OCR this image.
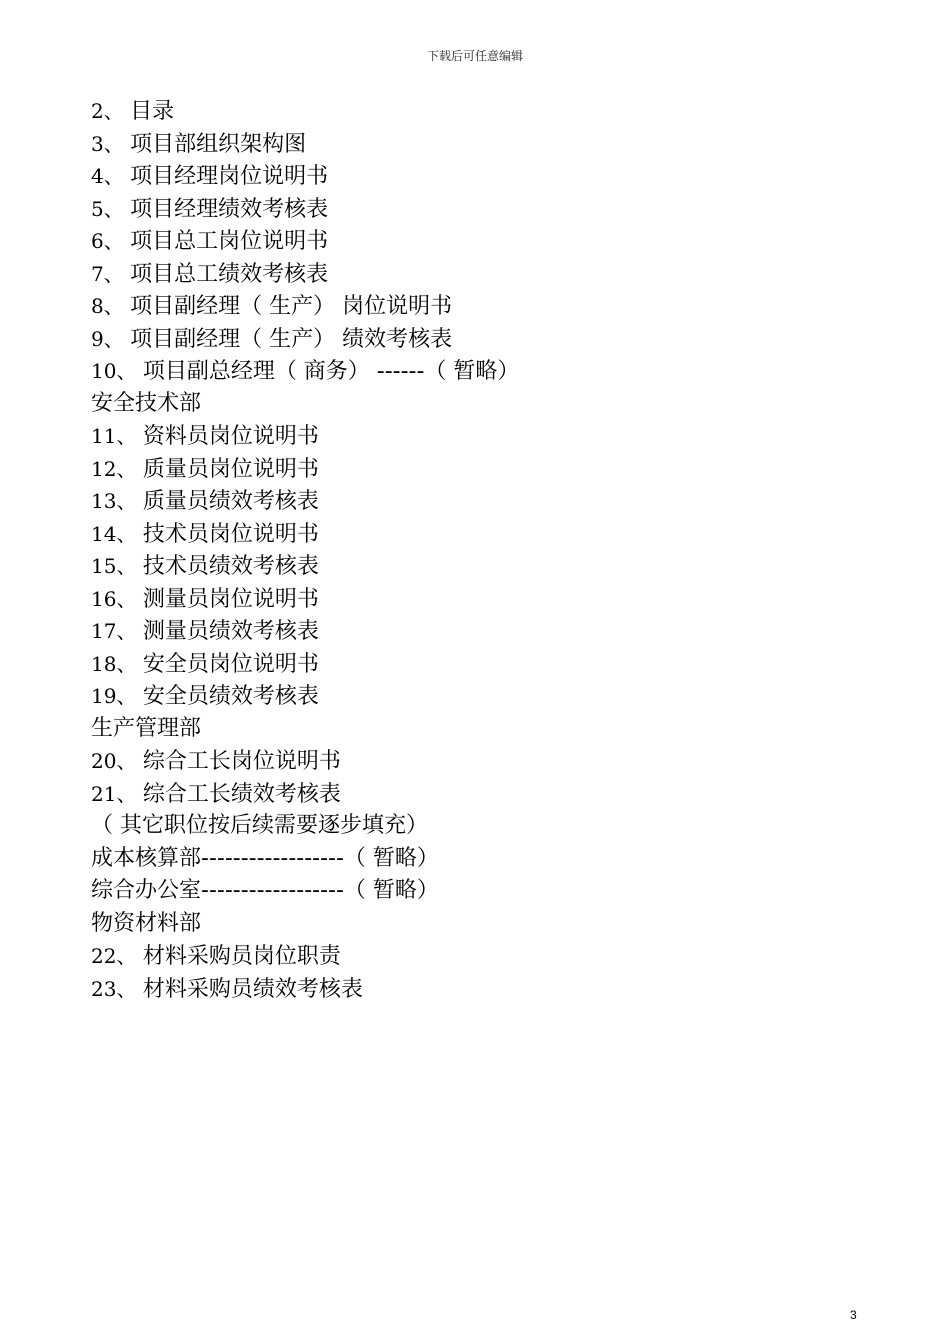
下载后可任意编辑
2、 目录
3、 项目部组织架构图
4、 项目经理岗位说明书
5、 项目经理绩效考核表
6、 项目总工岗位说明书
7、 项目总工绩效考核表
8、 项目副经理（ 生产） 岗位说明书
9、 项目副经理（ 生产） 绩效考核表
10、 项目副总经理（ 商务） ------（ 暂略）
安全技术部
11、 资料员岗位说明书
12、 质量员岗位说明书
13、 质量员绩效考核表
14、 技术员岗位说明书
15、 技术员绩效考核表
16、 测量员岗位说明书
17、 测量员绩效考核表
18、 安全员岗位说明书
19、 安全员绩效考核表
生产管理部
20、 综合工长岗位说明书
21、 综合工长绩效考核表
（ 其它职位按后续需要逐步填充）
成本核算部------------------（ 暂略）
综合办公室------------------（ 暂略）
物资材料部
22、 材料采购员岗位职责
23、 材料采购员绩效考核表
3
